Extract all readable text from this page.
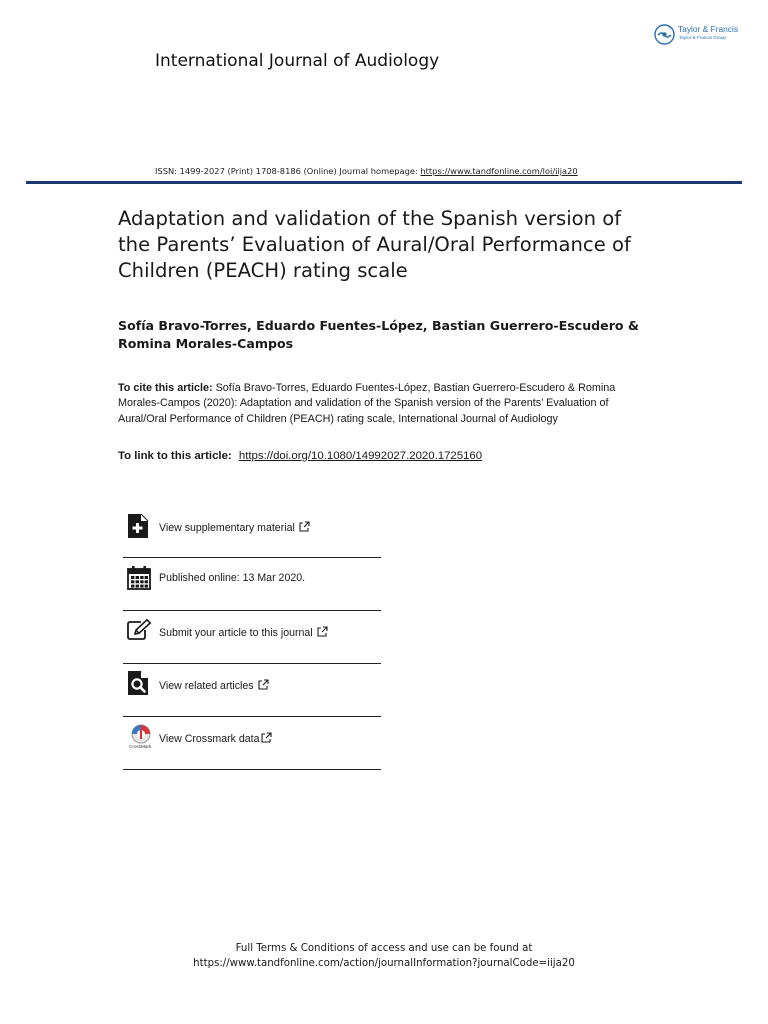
Taylor & Francis
Taylor & Francis Group
International Journal of Audiology
ISSN: 1499-2027 (Print) 1708-8186 (Online) Journal homepage: https://www.tandfonline.com/loi/iija20
Adaptation and validation of the Spanish version of the Parents’ Evaluation of Aural/Oral Performance of Children (PEACH) rating scale
Sofía Bravo-Torres, Eduardo Fuentes-López, Bastian Guerrero-Escudero & Romina Morales-Campos
To cite this article: Sofía Bravo-Torres, Eduardo Fuentes-López, Bastian Guerrero-Escudero & Romina Morales-Campos (2020): Adaptation and validation of the Spanish version of the Parents’ Evaluation of Aural/Oral Performance of Children (PEACH) rating scale, International Journal of Audiology
To link to this article: https://doi.org/10.1080/14992027.2020.1725160
View supplementary material
Published online: 13 Mar 2020.
Submit your article to this journal
View related articles
CrossMark
View Crossmark data
Full Terms & Conditions of access and use can be found at
https://www.tandfonline.com/action/journalInformation?journalCode=iija20
